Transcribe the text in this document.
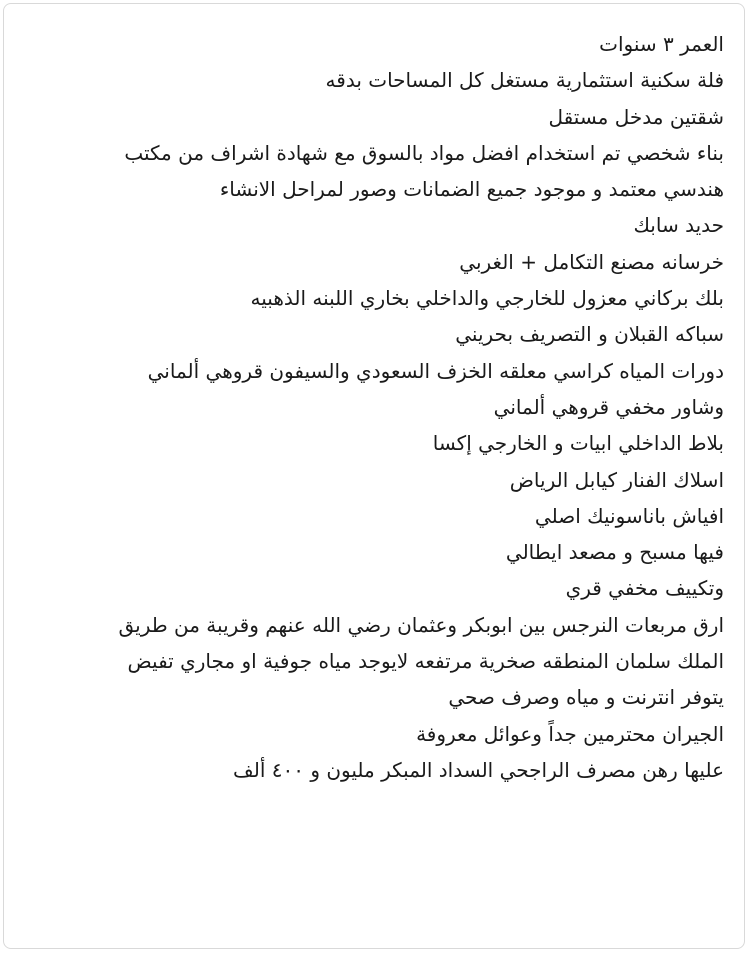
العمر ٣ سنوات
فلة سكنية استثمارية مستغل كل المساحات بدقه
شقتين مدخل مستقل
بناء شخصي تم استخدام افضل مواد بالسوق مع شهادة اشراف من مكتب
هندسي معتمد و موجود جميع الضمانات وصور لمراحل الانشاء
حديد سابك
خرسانه مصنع التكامل + الغربي
بلك بركاني معزول للخارجي والداخلي بخاري اللبنه الذهبيه
سباكه القبلان و التصريف بحريني
دورات المياه كراسي معلقه الخزف السعودي والسيفون قروهي ألماني
وشاور مخفي قروهي ألماني
بلاط الداخلي ابيات و الخارجي إكسا
اسلاك الفنار كيابل الرياض
افياش باناسونيك اصلي
فيها مسبح و مصعد ايطالي
وتكييف مخفي قري
ارق مربعات النرجس بين ابوبكر وعثمان رضي الله عنهم وقريبة من طريق
الملك سلمان المنطقه صخرية مرتفعه لايوجد مياه جوفية او مجاري تفيض
يتوفر انترنت و مياه وصرف صحي
الجيران محترمين جداً وعوائل معروفة
عليها رهن مصرف الراجحي السداد المبكر مليون و ٤٠٠ ألف
